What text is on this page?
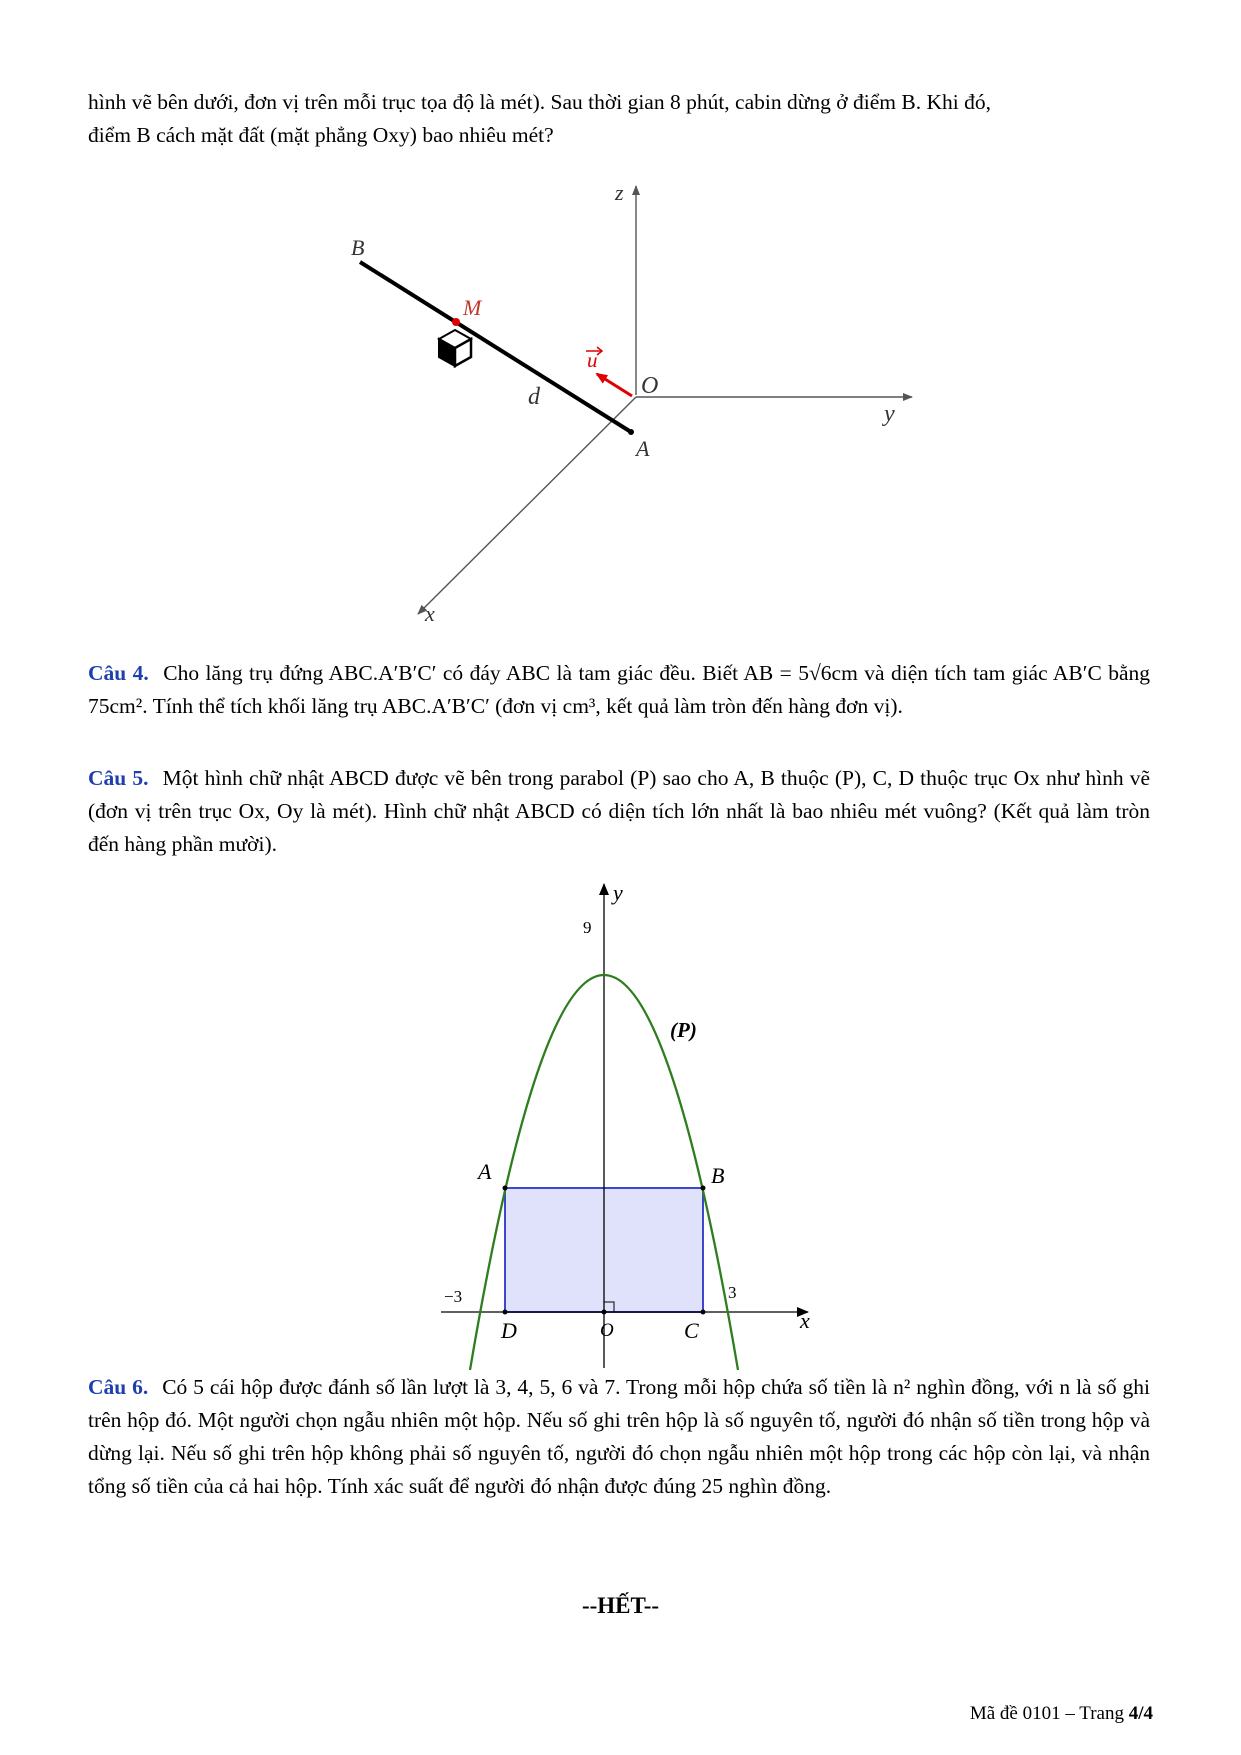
hình vẽ bên dưới, đơn vị trên mỗi trục tọa độ là mét). Sau thời gian 8 phút, cabin dừng ở điểm B. Khi đó,
điểm B cách mặt đất (mặt phẳng Oxy) bao nhiêu mét?
z
y
x
O
A
B
M
d
u
Câu 4. Cho lăng trụ đứng ABC.A′B′C′ có đáy ABC là tam giác đều. Biết AB = 5√6cm và diện tích tam giác AB′C bằng 75cm². Tính thể tích khối lăng trụ ABC.A′B′C′ (đơn vị cm³, kết quả làm tròn đến hàng đơn vị).
Câu 5. Một hình chữ nhật ABCD được vẽ bên trong parabol (P) sao cho A, B thuộc (P), C, D thuộc trục Ox như hình vẽ (đơn vị trên trục Ox, Oy là mét). Hình chữ nhật ABCD có diện tích lớn nhất là bao nhiêu mét vuông? (Kết quả làm tròn đến hàng phần mười).
y
x
9
−3	3
(P)
A	B
C
D	O
Câu 6. Có 5 cái hộp được đánh số lần lượt là 3, 4, 5, 6 và 7. Trong mỗi hộp chứa số tiền là n² nghìn đồng, với n là số ghi trên hộp đó. Một người chọn ngẫu nhiên một hộp. Nếu số ghi trên hộp là số nguyên tố, người đó nhận số tiền trong hộp và dừng lại. Nếu số ghi trên hộp không phải số nguyên tố, người đó chọn ngẫu nhiên một hộp trong các hộp còn lại, và nhận tổng số tiền của cả hai hộp. Tính xác suất để người đó nhận được đúng 25 nghìn đồng.
--HẾT--
Mã đề 0101 – Trang 4/4
